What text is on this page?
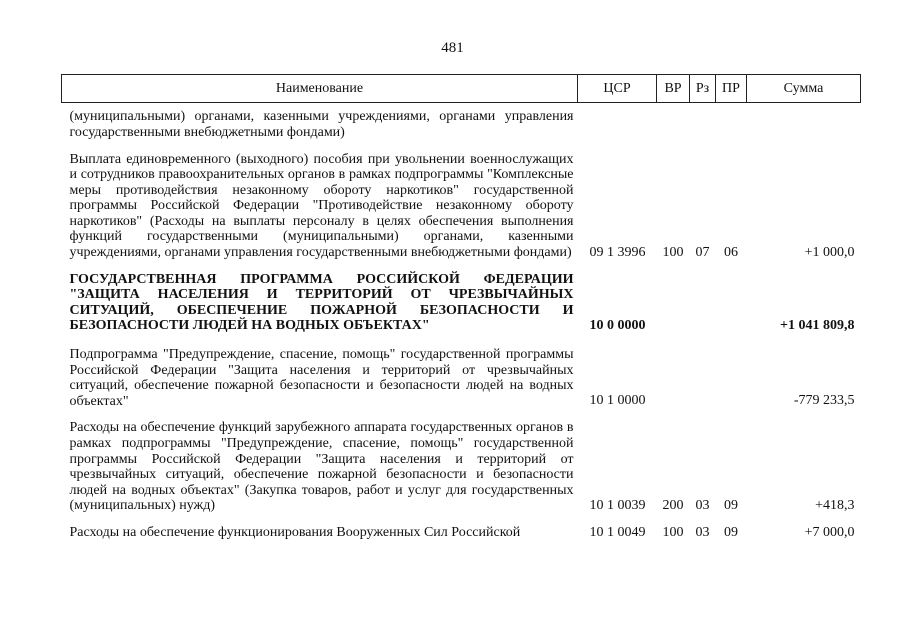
481
Наименование	ЦСР	ВР	Рз	ПР	Сумма
(муниципальными) органами, казенными учреждениями, органами управления государственными внебюджетными фондами)					

Выплата единовременного (выходного) пособия при увольнении военнослужащих и сотрудников правоохранительных органов в рамках подпрограммы "Комплексные меры противодействия незаконному обороту наркотиков" государственной программы Российской Федерации "Противодействие незаконному обороту наркотиков" (Расходы на выплаты персоналу в целях обеспечения выполнения функций государственными (муниципальными) органами, казенными учреждениями, органами управления государственными внебюджетными фондами)	09 1 3996	100	07	06	+1 000,0

ГОСУДАРСТВЕННАЯ ПРОГРАММА РОССИЙСКОЙ ФЕДЕРАЦИИ "ЗАЩИТА НАСЕЛЕНИЯ И ТЕРРИТОРИЙ ОТ ЧРЕЗВЫЧАЙНЫХ СИТУАЦИЙ, ОБЕСПЕЧЕНИЕ ПОЖАРНОЙ БЕЗОПАСНОСТИ И БЕЗОПАСНОСТИ ЛЮДЕЙ НА ВОДНЫХ ОБЪЕКТАХ"	10 0 0000				+1 041 809,8

Подпрограмма "Предупреждение, спасение, помощь" государственной программы Российской Федерации "Защита населения и территорий от чрезвычайных ситуаций, обеспечение пожарной безопасности и безопасности людей на водных объектах"	10 1 0000				-779 233,5

Расходы на обеспечение функций зарубежного аппарата государственных органов в рамках подпрограммы "Предупреждение, спасение, помощь" государственной программы Российской Федерации "Защита населения и территорий от чрезвычайных ситуаций, обеспечение пожарной безопасности и безопасности людей на водных объектах" (Закупка товаров, работ и услуг для государственных (муниципальных) нужд)	10 1 0039	200	03	09	+418,3

Расходы на обеспечение функционирования Вооруженных Сил Российской	10 1 0049	100	03	09	+7 000,0
